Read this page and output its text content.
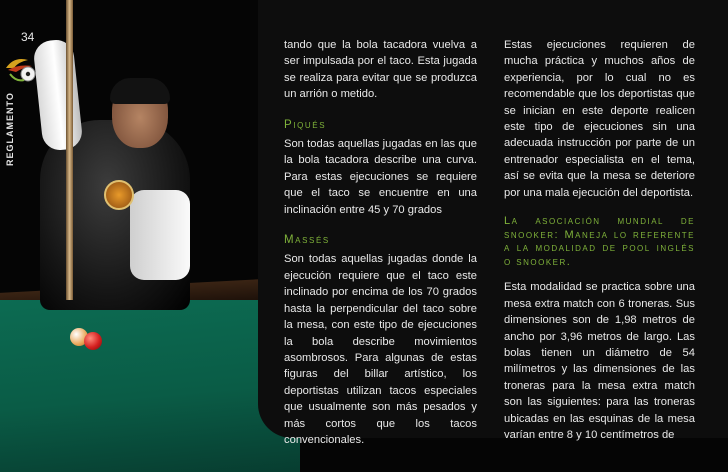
34
REGLAMENTO

tando que la bola tacadora vuelva a ser impulsada por el taco. Esta jugada se realiza para evitar que se produzca un arrión o metido.

Piqués

Son todas aquellas jugadas en las que la bola tacadora describe una curva. Para estas ejecuciones se requiere que el taco se encuentre en una inclinación entre 45 y 70 grados

Massés

Son todas aquellas jugadas donde la ejecución requiere que el taco este inclinado por encima de los 70 grados hasta la perpendicular del taco sobre la mesa, con este tipo de ejecuciones la bola describe movimientos asombrosos. Para algunas de estas figuras del billar artístico, los deportistas utilizan tacos especiales que usualmente son más pesados y más cortos que los tacos convencionales.

Estas ejecuciones requieren de mucha práctica y muchos años de experiencia, por lo cual no es recomendable que los deportistas que se inician en este deporte realicen este tipo de ejecuciones sin una adecuada instrucción por parte de un entrenador especialista en el tema, así se evita que la mesa se deteriore por una mala ejecución del deportista.

La asociación mundial de snooker: Maneja lo referente a la modalidad de pool inglés o snooker.

Esta modalidad se practica sobre una mesa extra match con 6 troneras. Sus dimensiones son de 1,98 metros de ancho por 3,96 metros de largo. Las bolas tienen un diámetro de 54 milímetros y las dimensiones de las troneras para la mesa extra match son las siguientes: para las troneras ubicadas en las esquinas de la mesa varían entre 8 y 10 centímetros de
